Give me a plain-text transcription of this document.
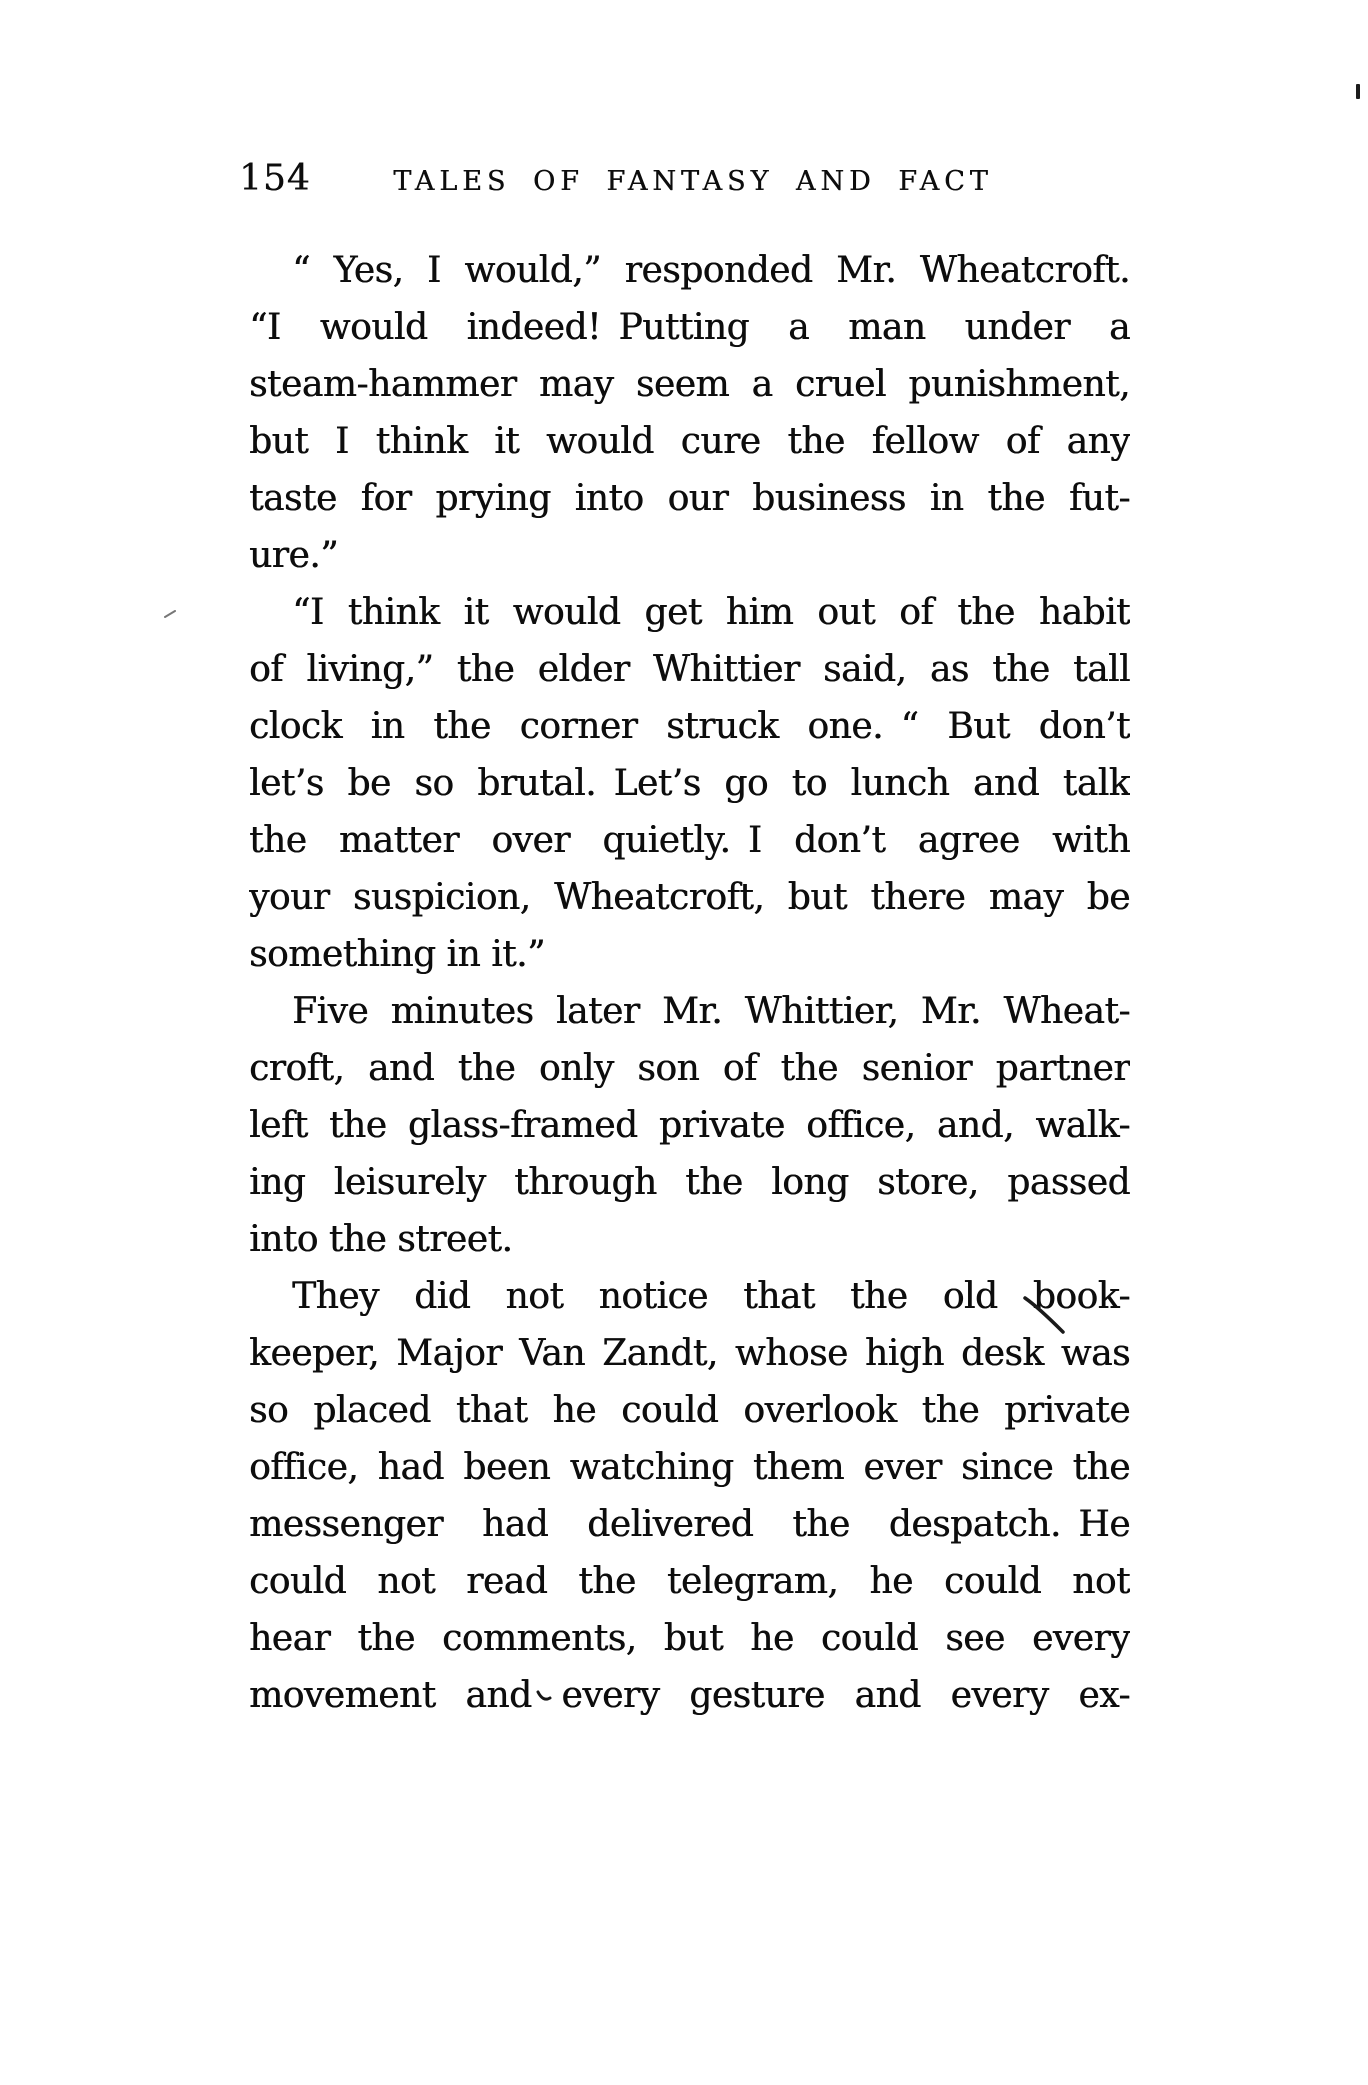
154	TALES OF FANTASY AND FACT
“ Yes, I would,” responded Mr. Wheatcroft.
“I would indeed! Putting a man under a
steam-hammer may seem a cruel punishment,
but I think it would cure the fellow of any
taste for prying into our business in the fut-
ure.”
“I think it would get him out of the habit
of living,” the elder Whittier said, as the tall
clock in the corner struck one. “ But don’t
let’s be so brutal. Let’s go to lunch and talk
the matter over quietly. I don’t agree with
your suspicion, Wheatcroft, but there may be
something in it.”
Five minutes later Mr. Whittier, Mr. Wheat-
croft, and the only son of the senior partner
left the glass-framed private office, and, walk-
ing leisurely through the long store, passed
into the street.
They did not notice that the old book-
keeper, Major Van Zandt, whose high desk was
so placed that he could overlook the private
office, had been watching them ever since the
messenger had delivered the despatch. He
could not read the telegram, he could not
hear the comments, but he could see every
movement and every gesture and every ex-
